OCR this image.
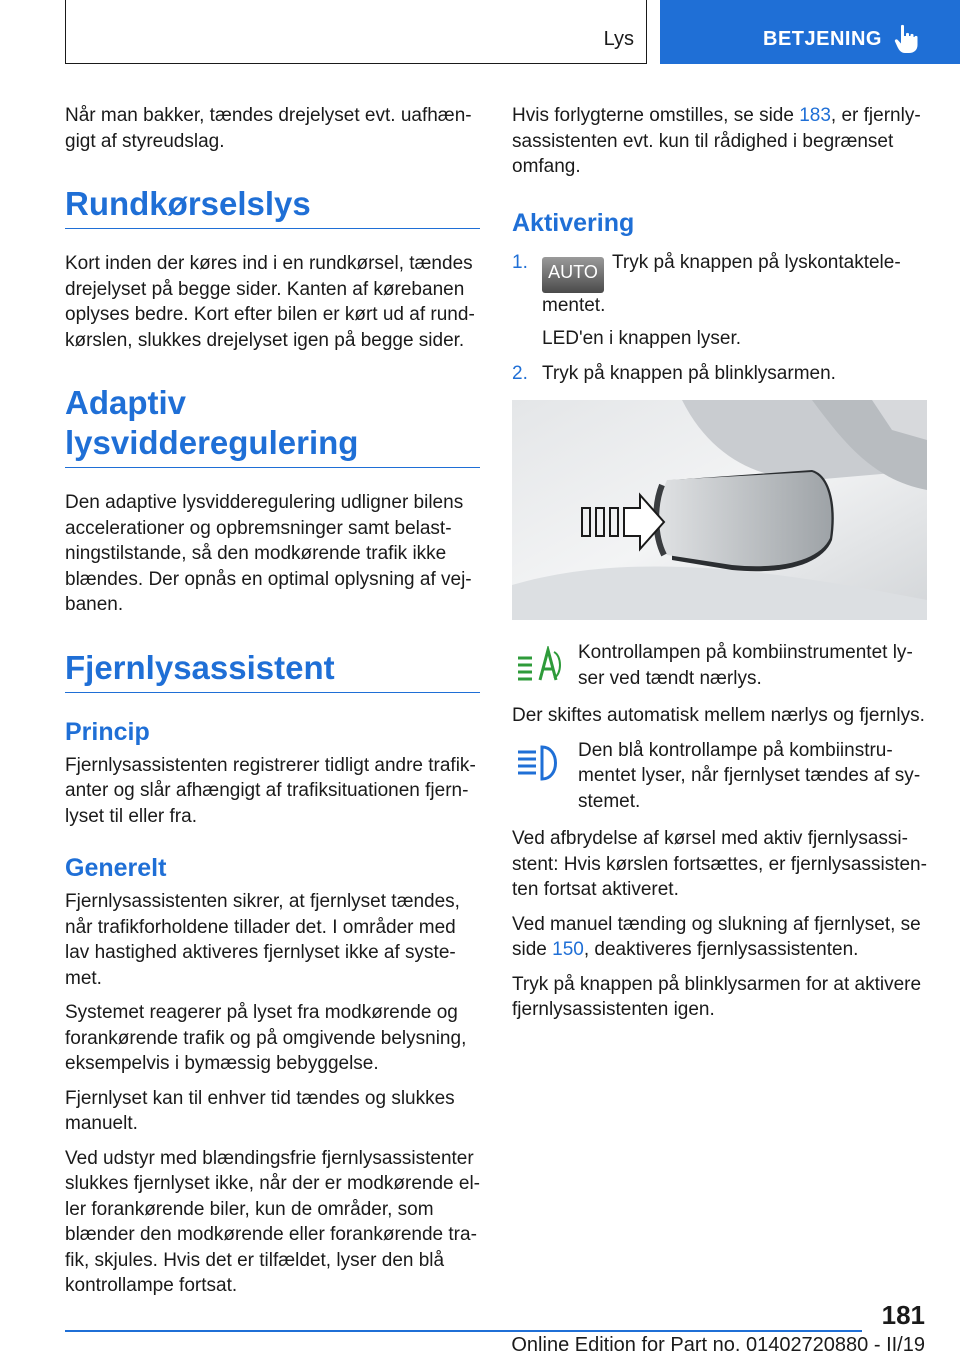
Lys	BETJENING

Når man bakker, tændes drejelyset evt. uafhængigt af styreudslag.

Rundkørselslys

Kort inden der køres ind i en rundkørsel, tændes drejelyset på begge sider. Kanten af kørebanen oplyses bedre. Kort efter bilen er kørt ud af rundkørslen, slukkes drejelyset igen på begge sider.

Adaptiv lysvidderegulering

Den adaptive lysvidderegulering udligner bilens accelerationer og opbremsninger samt belastningstilstande, så den modkørende trafik ikke blændes. Der opnås en optimal oplysning af vejbanen.

Fjernlysassistent
Princip

Fjernlysassistenten registrerer tidligt andre trafikanter og slår afhængigt af trafiksituationen fjernlyset til eller fra.

Generelt

Fjernlysassistenten sikrer, at fjernlyset tændes, når trafikforholdene tillader det. I områder med lav hastighed aktiveres fjernlyset ikke af systemet.

Systemet reagerer på lyset fra modkørende og forankørende trafik og på omgivende belysning, eksempelvis i bymæssig bebyggelse.

Fjernlyset kan til enhver tid tændes og slukkes manuelt.

Ved udstyr med blændingsfrie fjernlysassistenter slukkes fjernlyset ikke, når der er modkørende eller forankørende biler, kun de områder, som blænder den modkørende eller forankørende trafik, skjules. Hvis det er tilfældet, lyser den blå kontrollampe fortsat.

Hvis forlygterne omstilles, se side 183, er fjernlysassistenten evt. kun til rådighed i begrænset omfang.

Aktivering
1. AUTO Tryk på knappen på lyskontaktelementet.

LED'en i knappen lyser.

2. Tryk på knappen på blinklysarmen.
Kontrollampen på kombiinstrumentet lyser ved tændt nærlys.

Der skiftes automatisk mellem nærlys og fjernlys.

Den blå kontrollampe på kombiinstrumentet lyser, når fjernlyset tændes af systemet.

Ved afbrydelse af kørsel med aktiv fjernlysassistent: Hvis kørslen fortsættes, er fjernlysassistenten fortsat aktiveret.

Ved manuel tænding og slukning af fjernlyset, se side 150, deaktiveres fjernlysassistenten.

Tryk på knappen på blinklysarmen for at aktivere fjernlysassistenten igen.

181
Online Edition for Part no. 01402720880 - II/19
